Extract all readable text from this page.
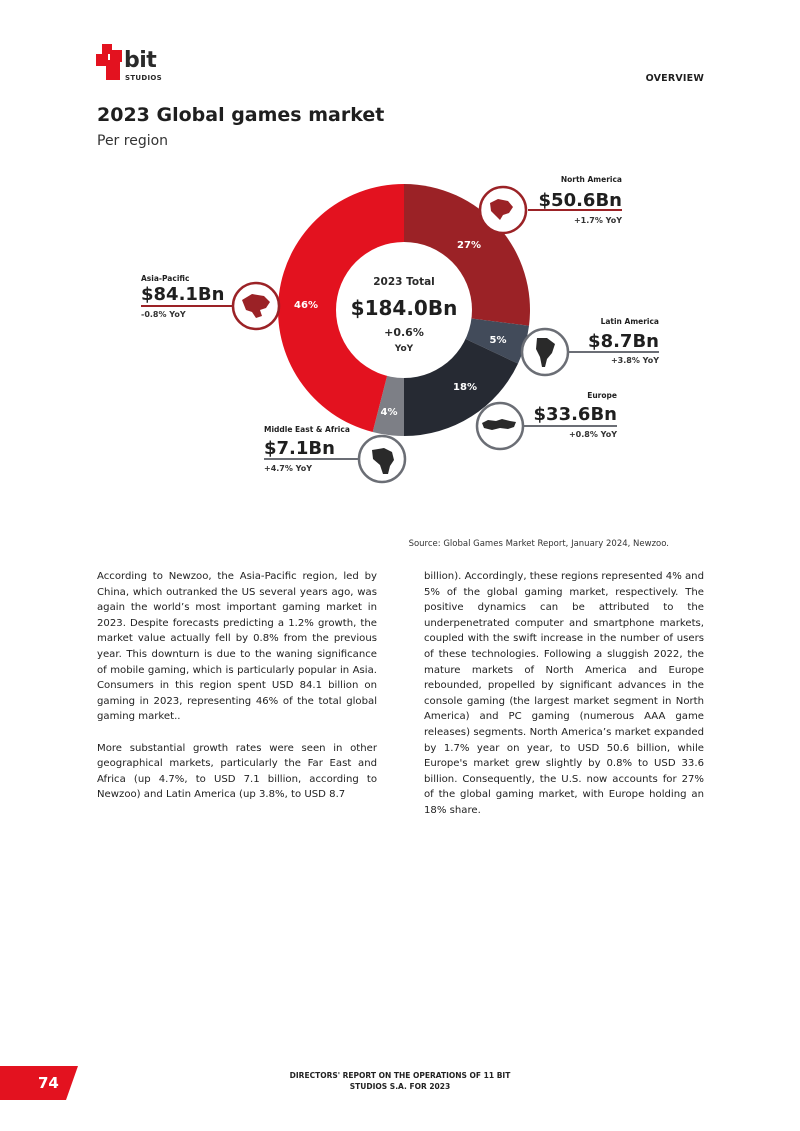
bit
STUDIOS	OVERVIEW
2023 Global games market
Per region
2023 Total
$184.0Bn
+0.6%
YoY
27%
5%
18%
4%
46%
North America
$50.6Bn
+1.7% YoY
Latin America
$8.7Bn
+3.8% YoY
Europe
$33.6Bn
+0.8% YoY
Middle East & Africa
$7.1Bn
+4.7% YoY
Asia-Pacific
$84.1Bn
-0.8% YoY
Source: Global Games Market Report, January 2024, Newzoo.

According to Newzoo, the Asia-Pacific region, led by China, which outranked the US several years ago, was again the world’s most important gaming market in 2023. Despite forecasts predicting a 1.2% growth, the market value actually fell by 0.8% from the previous year. This downturn is due to the waning significance of mobile gaming, which is particularly popular in Asia. Consumers in this region spent USD 84.1 billion on gaming in 2023, representing 46% of the total global gaming market..

More substantial growth rates were seen in other geographical markets, particularly the Far East and Africa (up 4.7%, to USD 7.1 billion, according to Newzoo) and Latin America (up 3.8%, to USD 8.7

billion). Accordingly, these regions represented 4% and 5% of the global gaming market, respectively. The positive dynamics can be attributed to the underpenetrated computer and smartphone markets, coupled with the swift increase in the number of users of these technologies. Following a sluggish 2022, the mature markets of North America and Europe rebounded, propelled by significant advances in the console gaming (the largest market segment in North America) and PC gaming (numerous AAA game releases) segments. North America’s market expanded by 1.7% year on year, to USD 50.6 billion, while Europe's market grew slightly by 0.8% to USD 33.6 billion. Consequently, the U.S. now accounts for 27% of the global gaming market, with Europe holding an 18% share.

74	DIRECTORS' REPORT ON THE OPERATIONS OF 11 BIT
STUDIOS S.A. FOR 2023
